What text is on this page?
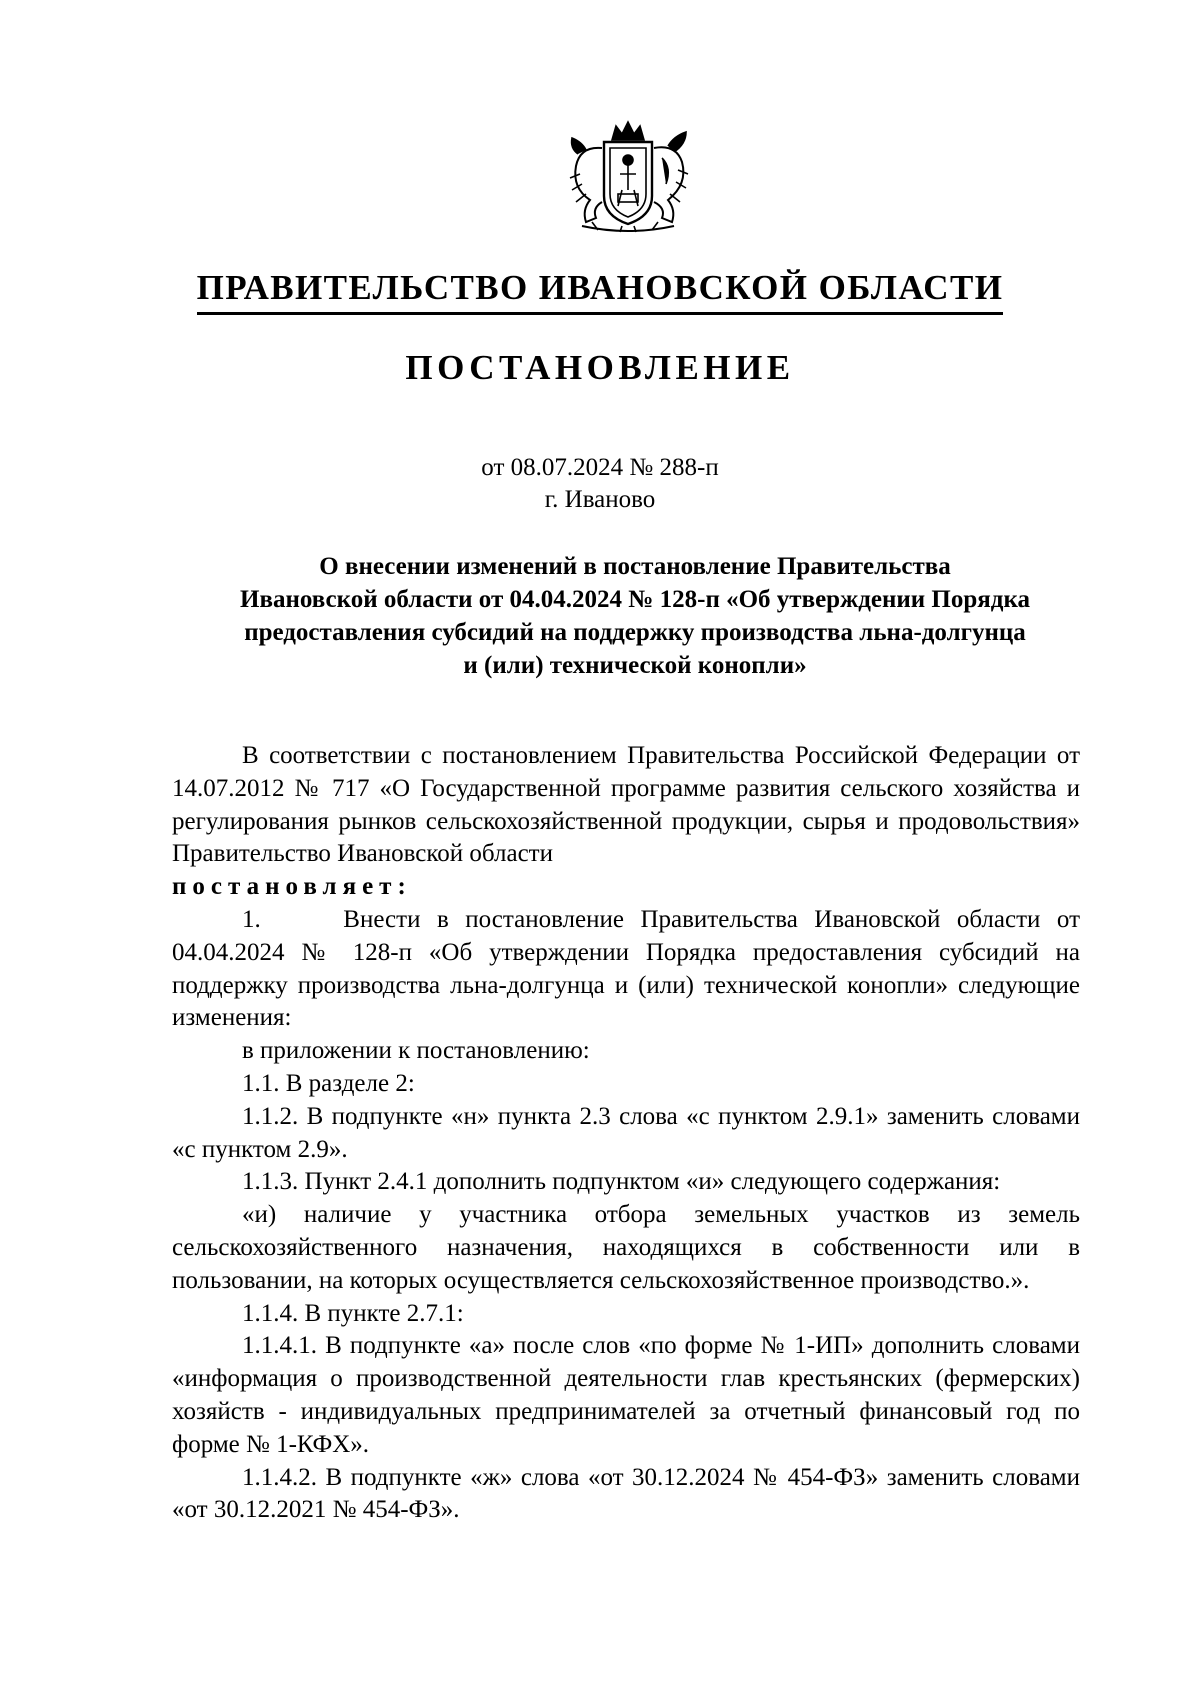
ПРАВИТЕЛЬСТВО ИВАНОВСКОЙ ОБЛАСТИ
ПОСТАНОВЛЕНИЕ
от 08.07.2024 № 288-п
г. Иваново
О внесении изменений в постановление Правительства
Ивановской области от 04.04.2024 № 128-п «Об утверждении Порядка
предоставления субсидий на поддержку производства льна-долгунца
и (или) технической конопли»

В соответствии с постановлением Правительства Российской Федерации от 14.07.2012 № 717 «О Государственной программе развития сельского хозяйства и регулирования рынков сельскохозяйственной продукции, сырья и продовольствия» Правительство Ивановской области

постановляет:

1.     Внести в постановление Правительства Ивановской области от 04.04.2024 № 128-п «Об утверждении Порядка предоставления субсидий на поддержку производства льна-долгунца и (или) технической конопли» следующие изменения:

в приложении к постановлению:

1.1. В разделе 2:

1.1.2. В подпункте «н» пункта 2.3 слова «с пунктом 2.9.1» заменить словами «с пунктом 2.9».

1.1.3. Пункт 2.4.1 дополнить подпунктом «и» следующего содержания:

«и) наличие у участника отбора земельных участков из земель сельскохозяйственного назначения, находящихся в собственности или в пользовании, на которых осуществляется сельскохозяйственное производство.».

1.1.4. В пункте 2.7.1:

1.1.4.1. В подпункте «а» после слов «по форме № 1-ИП» дополнить словами «информация о производственной деятельности глав крестьянских (фермерских) хозяйств - индивидуальных предпринимателей за отчетный финансовый год по форме № 1-КФХ».

1.1.4.2. В подпункте «ж» слова «от 30.12.2024 № 454-ФЗ» заменить словами «от 30.12.2021 № 454-ФЗ».
